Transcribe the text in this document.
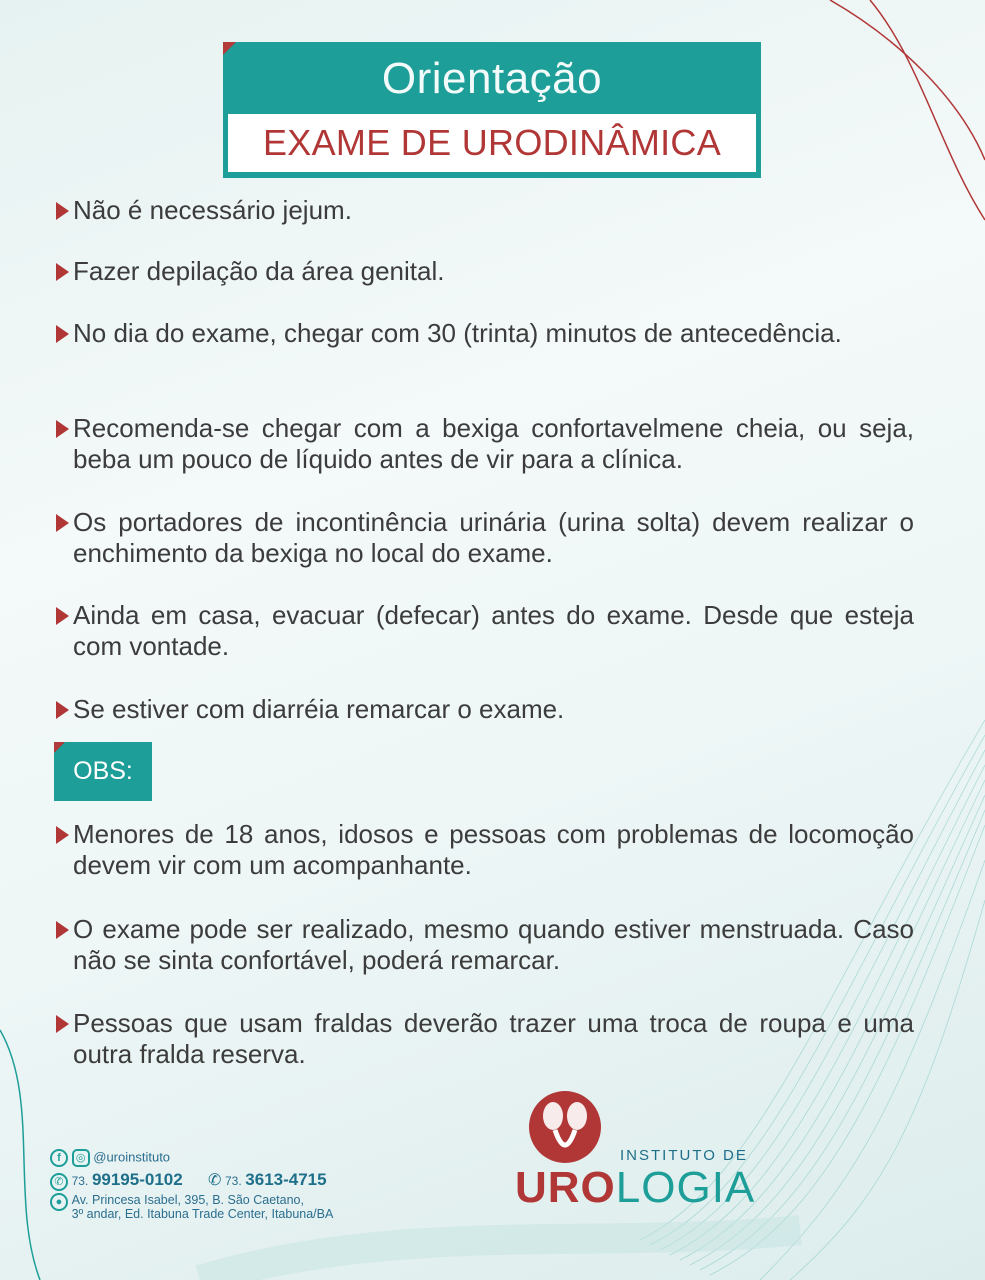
Orientação
EXAME DE URODINÂMICA
Não é necessário jejum.
Fazer depilação da área genital.
No dia do exame, chegar com 30 (trinta) minutos de antecedência.
Recomenda-se chegar com a bexiga confortavelmene cheia, ou seja, beba um pouco de líquido antes de vir para a clínica.
Os portadores de incontinência urinária (urina solta) devem realizar o enchimento da bexiga no local do exame.
Ainda em casa, evacuar (defecar) antes do exame. Desde que esteja com vontade.
Se estiver com diarréia remarcar o exame.
OBS:
Menores de 18 anos, idosos e pessoas com problemas de locomoção devem vir com um acompanhante.
O exame pode ser realizado, mesmo quando estiver menstruada. Caso não se sinta confortável, poderá remarcar.
Pessoas que usam fraldas deverão trazer uma troca de roupa e uma outra fralda reserva.
f ◎ @uroinstituto
✆ 73. 99195-0102 ✆ 73. 3613-4715
● Av. Princesa Isabel, 395, B. São Caetano,
3º andar, Ed. Itabuna Trade Center, Itabuna/BA
INSTITUTO DE
UROLOGIA
